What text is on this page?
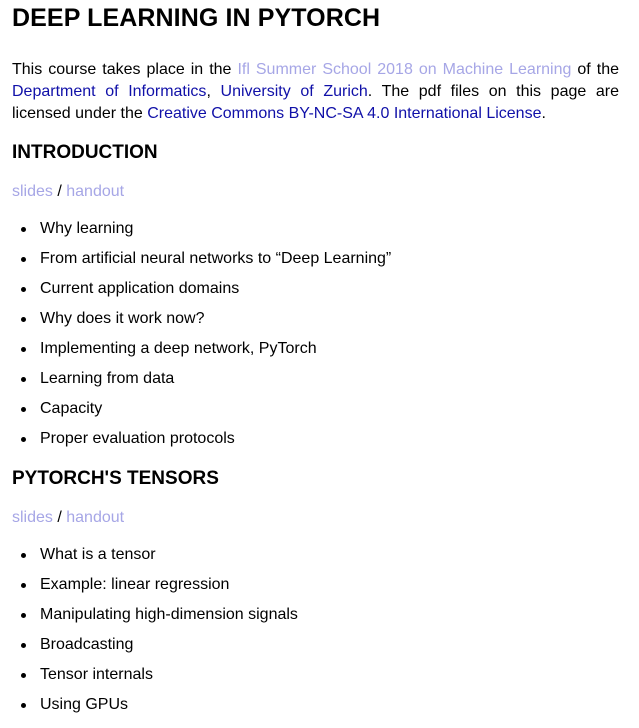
DEEP LEARNING IN PYTORCH

This course takes place in the Ifl Summer School 2018 on Machine Learning of the Department of Informatics, University of Zurich. The pdf files on this page are licensed under the Creative Commons BY-NC-SA 4.0 International License.

INTRODUCTION

slides / handout

Why learning
From artificial neural networks to “Deep Learning”
Current application domains
Why does it work now?
Implementing a deep network, PyTorch
Learning from data
Capacity
Proper evaluation protocols
PYTORCH'S TENSORS

slides / handout

What is a tensor
Example: linear regression
Manipulating high-dimension signals
Broadcasting
Tensor internals
Using GPUs
